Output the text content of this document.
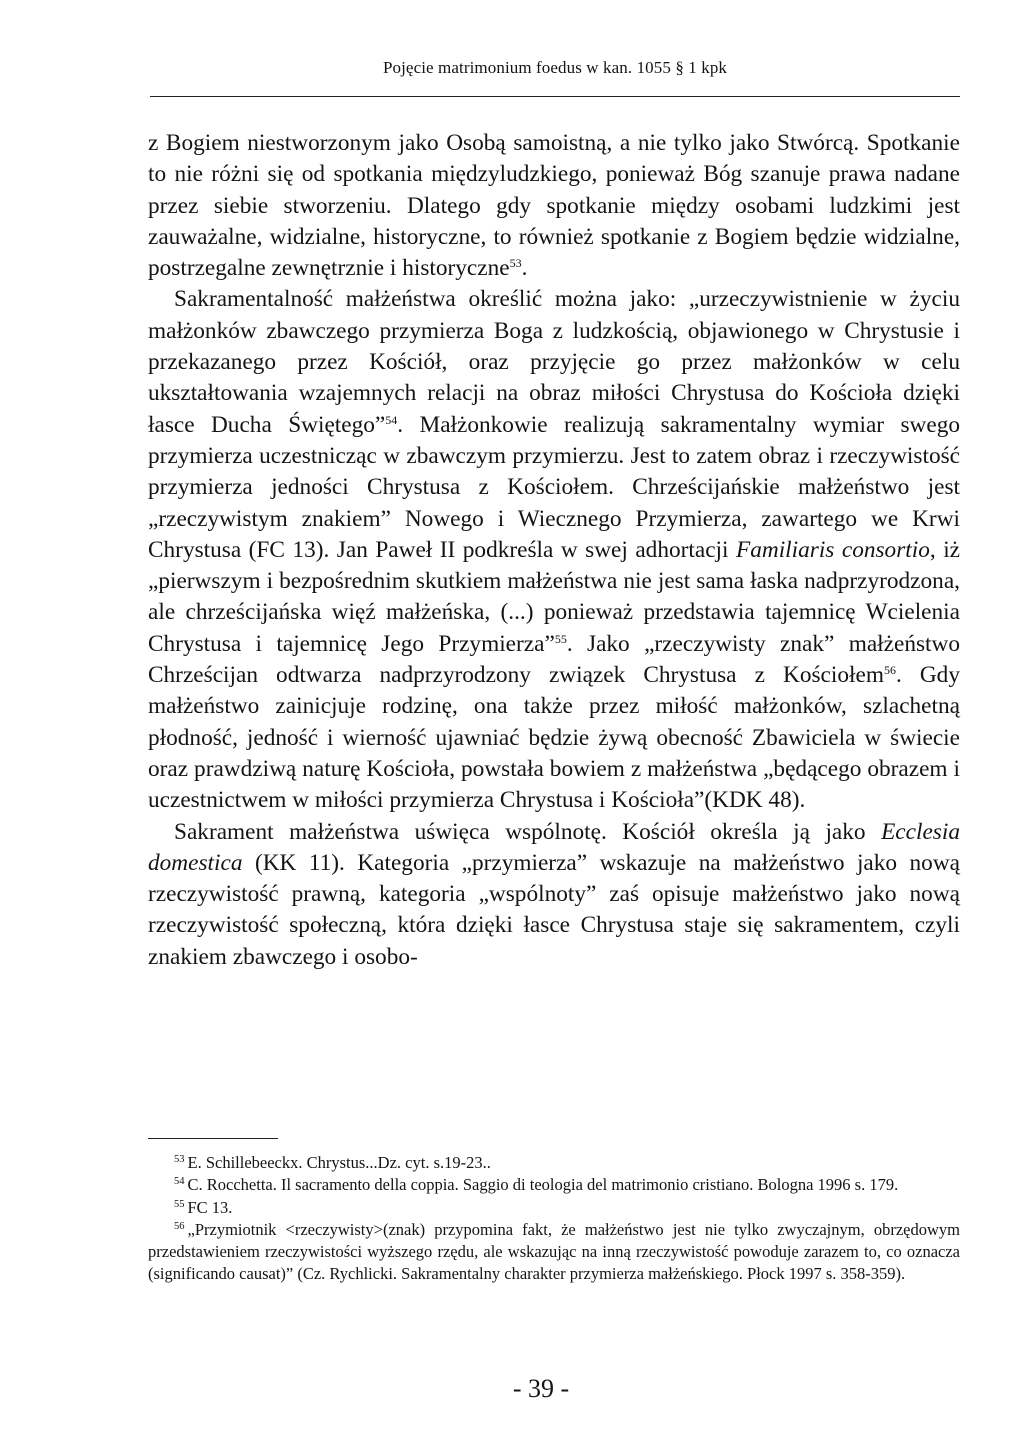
Pojęcie matrimonium foedus w kan. 1055 § 1 kpk

z Bogiem niestworzonym jako Osobą samoistną, a nie tylko jako Stwórcą. Spotkanie to nie różni się od spotkania międzyludzkiego, ponieważ Bóg szanuje prawa nadane przez siebie stworzeniu. Dlatego gdy spotkanie między osobami ludzkimi jest zauważalne, widzialne, historyczne, to również spotkanie z Bogiem będzie widzialne, postrzegalne zewnętrznie i historyczne$^{53}$.

Sakramentalność małżeństwa określić można jako: „urzeczywistnienie w życiu małżonków zbawczego przymierza Boga z ludzkością, objawionego w Chrystusie i przekazanego przez Kościół, oraz przyjęcie go przez małżonków w celu ukształtowania wzajemnych relacji na obraz miłości Chrystusa do Kościoła dzięki łasce Ducha Świętego”$^{54}$. Małżonkowie realizują sakramentalny wymiar swego przymierza uczestnicząc w zbawczym przymierzu. Jest to zatem obraz i rzeczywistość przymierza jedności Chrystusa z Kościołem. Chrześcijańskie małżeństwo jest „rzeczywistym znakiem” Nowego i Wiecznego Przymierza, zawartego we Krwi Chrystusa (FC 13). Jan Paweł II podkreśla w swej adhortacji Familiaris consortio, iż „pierwszym i bezpośrednim skutkiem małżeństwa nie jest sama łaska nadprzyrodzona, ale chrześcijańska więź małżeńska, (...) ponieważ przedstawia tajemnicę Wcielenia Chrystusa i tajemnicę Jego Przymierza”$^{55}$. Jako „rzeczywisty znak” małżeństwo Chrześcijan odtwarza nadprzyrodzony związek Chrystusa z Kościołem$^{56}$. Gdy małżeństwo zainicjuje rodzinę, ona także przez miłość małżonków, szlachetną płodność, jedność i wierność ujawniać będzie żywą obecność Zbawiciela w świecie oraz prawdziwą naturę Kościoła, powstała bowiem z małżeństwa „będącego obrazem i uczestnictwem w miłości przymierza Chrystusa i Kościoła”(KDK 48).

Sakrament małżeństwa uświęca wspólnotę. Kościół określa ją jako Ecclesia domestica (KK 11). Kategoria „przymierza” wskazuje na małżeństwo jako nową rzeczywistość prawną, kategoria „wspólnoty” zaś opisuje małżeństwo jako nową rzeczywistość społeczną, która dzięki łasce Chrystusa staje się sakramentem, czyli znakiem zbawczego i osobo-

$^{53}$ E. Schillebeeckx. Chrystus...Dz. cyt. s.19-23..

$^{54}$ C. Rocchetta. Il sacramento della coppia. Saggio di teologia del matrimonio cristiano. Bologna 1996 s. 179.

$^{55}$ FC 13.

$^{56}$ „Przymiotnik <rzeczywisty>(znak) przypomina fakt, że małżeństwo jest nie tylko zwyczajnym, obrzędowym przedstawieniem rzeczywistości wyższego rzędu, ale wskazując na inną rzeczywistość powoduje zarazem to, co oznacza (significando causat)” (Cz. Rychlicki. Sakramentalny charakter przymierza małżeńskiego. Płock 1997 s. 358-359).

- 39 -
